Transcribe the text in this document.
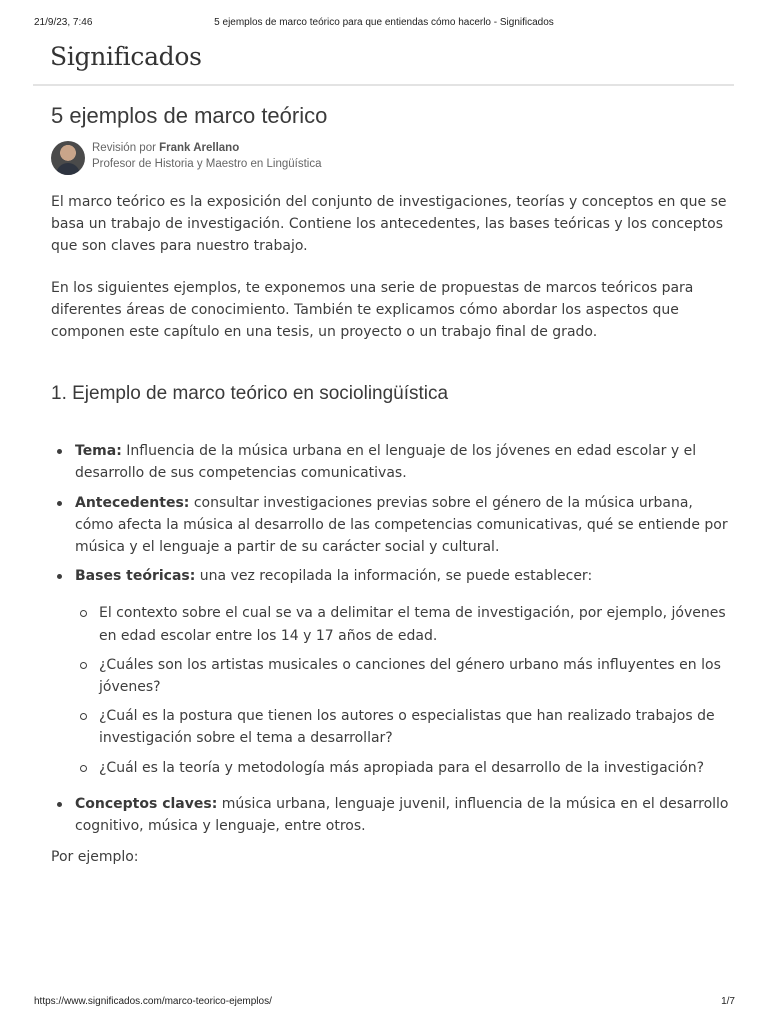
21/9/23, 7:46	5 ejemplos de marco teórico para que entiendas cómo hacerlo - Significados
Significados
5 ejemplos de marco teórico
Revisión por Frank Arellano
Profesor de Historia y Maestro en Lingüística

El marco teórico es la exposición del conjunto de investigaciones, teorías y conceptos en que se basa un trabajo de investigación. Contiene los antecedentes, las bases teóricas y los conceptos que son claves para nuestro trabajo.

En los siguientes ejemplos, te exponemos una serie de propuestas de marcos teóricos para diferentes áreas de conocimiento. También te explicamos cómo abordar los aspectos que componen este capítulo en una tesis, un proyecto o un trabajo final de grado.

1. Ejemplo de marco teórico en sociolingüística
Tema: Influencia de la música urbana en el lenguaje de los jóvenes en edad escolar y el desarrollo de sus competencias comunicativas.
Antecedentes: consultar investigaciones previas sobre el género de la música urbana, cómo afecta la música al desarrollo de las competencias comunicativas, qué se entiende por música y el lenguaje a partir de su carácter social y cultural.
Bases teóricas: una vez recopilada la información, se puede establecer:
El contexto sobre el cual se va a delimitar el tema de investigación, por ejemplo, jóvenes en edad escolar entre los 14 y 17 años de edad.
¿Cuáles son los artistas musicales o canciones del género urbano más influyentes en los jóvenes?
¿Cuál es la postura que tienen los autores o especialistas que han realizado trabajos de investigación sobre el tema a desarrollar?
¿Cuál es la teoría y metodología más apropiada para el desarrollo de la investigación?
Conceptos claves: música urbana, lenguaje juvenil, influencia de la música en el desarrollo cognitivo, música y lenguaje, entre otros.

Por ejemplo:

https://www.significados.com/marco-teorico-ejemplos/	1/7
